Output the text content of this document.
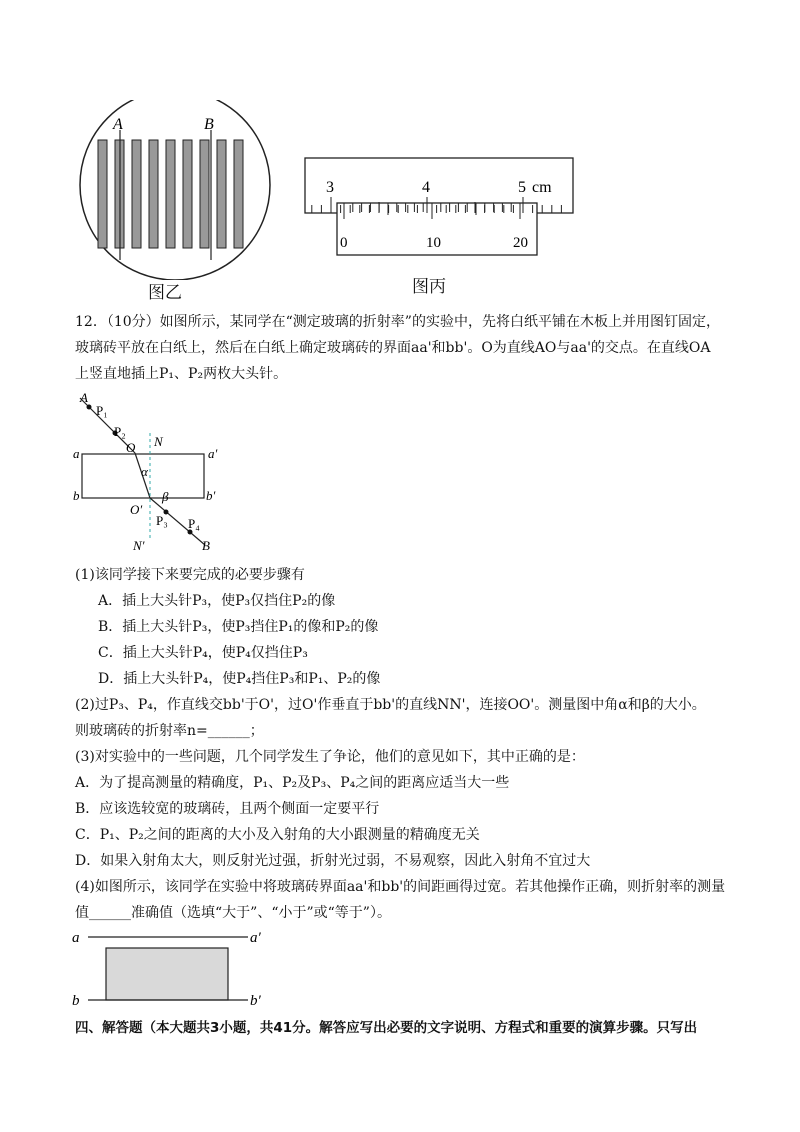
A	B
图乙
3	4	5 cm
0	10	20
图丙
12．（10分）如图所示，某同学在“测定玻璃的折射率”的实验中，先将白纸平铺在木板上并用图钉固定，
玻璃砖平放在白纸上，然后在白纸上确定玻璃砖的界面aa'和bb'。O为直线AO与aa'的交点。在直线OA
上竖直地插上P₁、P₂两枚大头针。
A
P₁
P₂
O N
a	a′
b	b′
α
β
O′
P₃ P₄
N′	B
(1)该同学接下来要完成的必要步骤有
A．插上大头针P₃，使P₃仅挡住P₂的像
B．插上大头针P₃，使P₃挡住P₁的像和P₂的像
C．插上大头针P₄，使P₄仅挡住P₃
D．插上大头针P₄，使P₄挡住P₃和P₁、P₂的像
(2)过P₃、P₄，作直线交bb'于O'，过O'作垂直于bb'的直线NN'，连接OO'。测量图中角α和β的大小。
则玻璃砖的折射率n=______；
(3)对实验中的一些问题，几个同学发生了争论，他们的意见如下，其中正确的是：
A．为了提高测量的精确度，P₁、P₂及P₃、P₄之间的距离应适当大一些
B．应该选较宽的玻璃砖，且两个侧面一定要平行
C．P₁、P₂之间的距离的大小及入射角的大小跟测量的精确度无关
D．如果入射角太大，则反射光过强，折射光过弱，不易观察，因此入射角不宜过大
(4)如图所示，该同学在实验中将玻璃砖界面aa'和bb'的间距画得过宽。若其他操作正确，则折射率的测量
值______准确值（选填“大于”、“小于”或“等于”）。
a	a′
b	b′
四、解答题（本大题共3小题，共41分。解答应写出必要的文字说明、方程式和重要的演算步骤。只写出
